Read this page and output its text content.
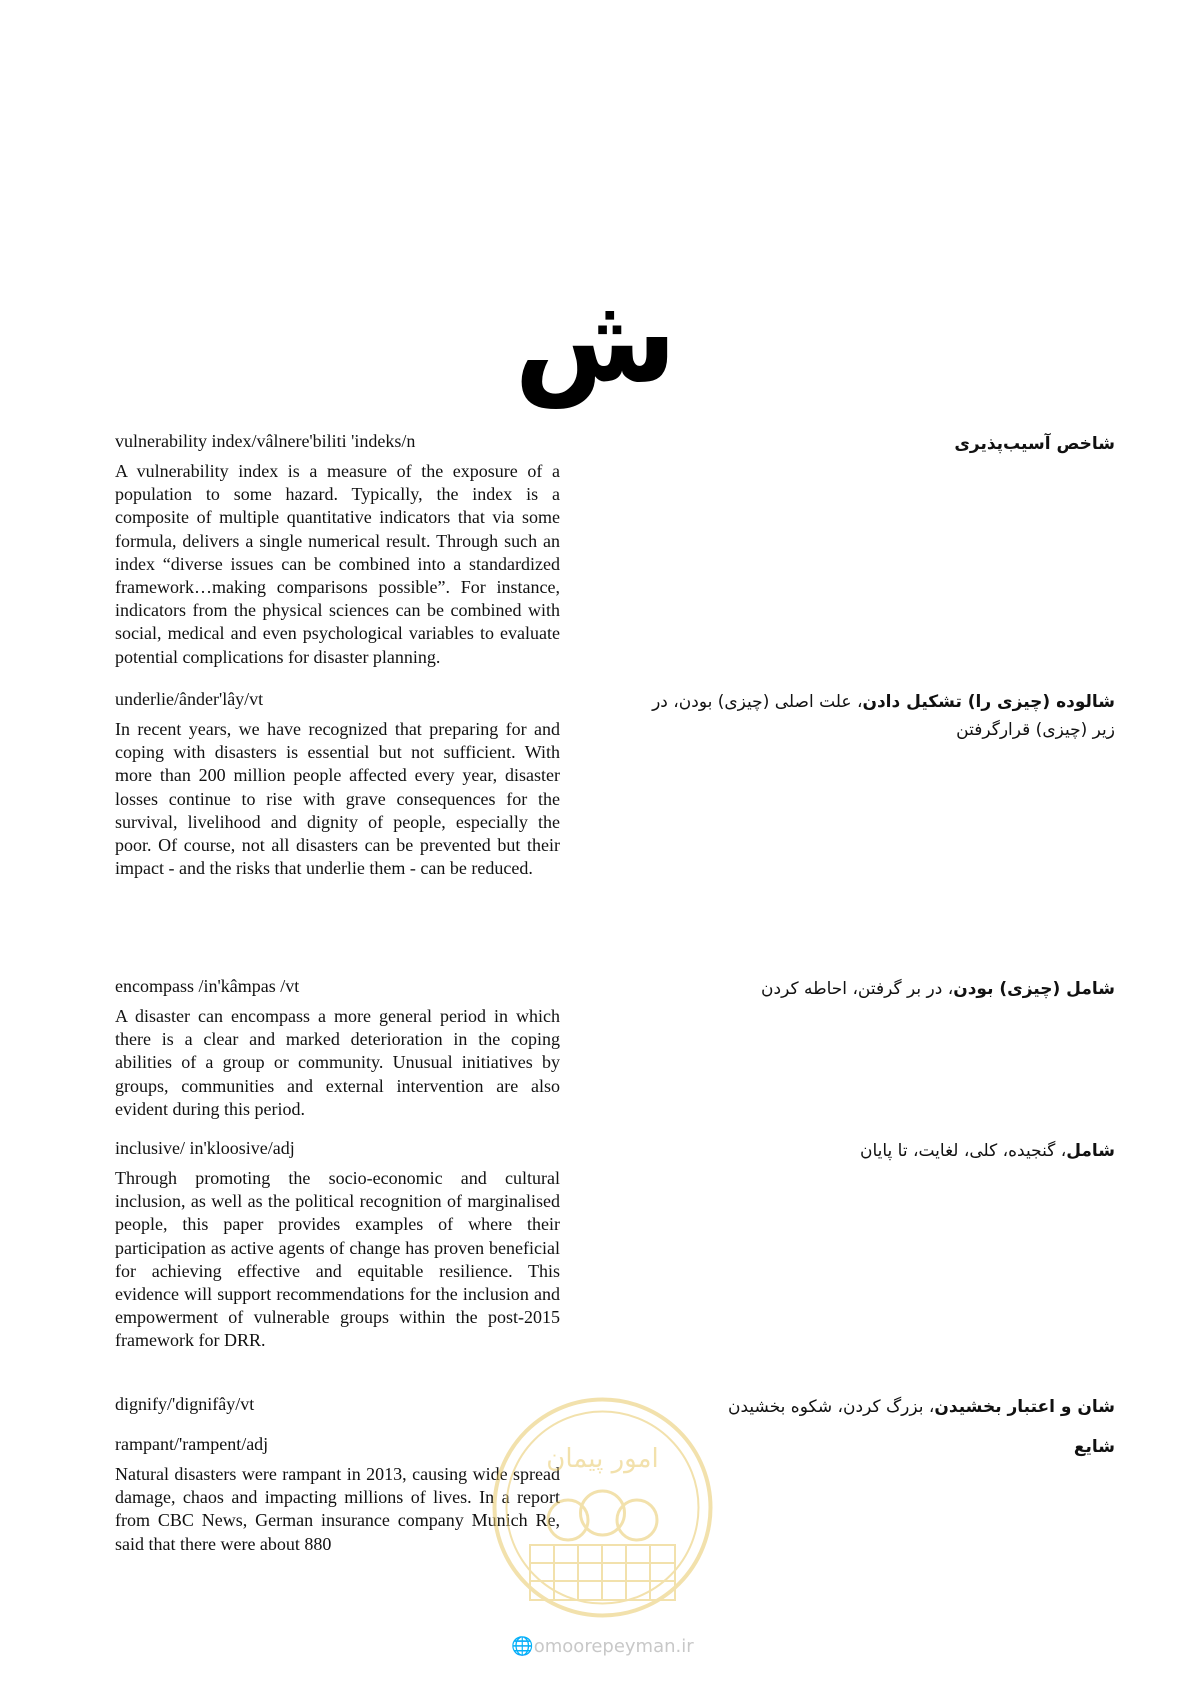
ش

vulnerability index/vâlnere'biliti 'indeks/n

A vulnerability index is a measure of the exposure of a population to some hazard. Typically, the index is a composite of multiple quantitative indicators that via some formula, delivers a single numerical result. Through such an index “diverse issues can be combined into a standardized framework…making comparisons possible”. For instance, indicators from the physical sciences can be combined with social, medical and even psychological variables to evaluate potential complications for disaster planning.

شاخص آسیب‌پذیری

underlie/ânder'lây/vt

In recent years, we have recognized that preparing for and coping with disasters is essential but not sufficient. With more than 200 million people affected every year, disaster losses continue to rise with grave consequences for the survival, livelihood and dignity of people, especially the poor. Of course, not all disasters can be prevented but their impact - and the risks that underlie them - can be reduced.

شالوده (چیزی را) تشکیل دادن، علت اصلی (چیزی) بودن، در زیر (چیزی) قرارگرفتن

encompass /in'kâmpas /vt

A disaster can encompass a more general period in which there is a clear and marked deterioration in the coping abilities of a group or community. Unusual initiatives by groups, communities and external intervention are also evident during this period.

شامل (چیزی) بودن، در بر گرفتن، احاطه کردن

inclusive/ in'kloosive/adj

Through promoting the socio-economic and cultural inclusion, as well as the political recognition of marginalised people, this paper provides examples of where their participation as active agents of change has proven beneficial for achieving effective and equitable resilience. This evidence will support recommendations for the inclusion and empowerment of vulnerable groups within the post-2015 framework for DRR.

شامل، گنجیده، کلی، لغایت، تا پایان

dignify/'dignifây/vt	شان و اعتبار بخشیدن، بزرگ کردن، شکوه بخشیدن

rampant/'rampent/adj

Natural disasters were rampant in 2013, causing wide spread damage, chaos and impacting millions of lives. In a report from CBC News, German insurance company Munich Re, said that there were about 880

شایع
امور پیمان
🌐omoorepeyman.ir
